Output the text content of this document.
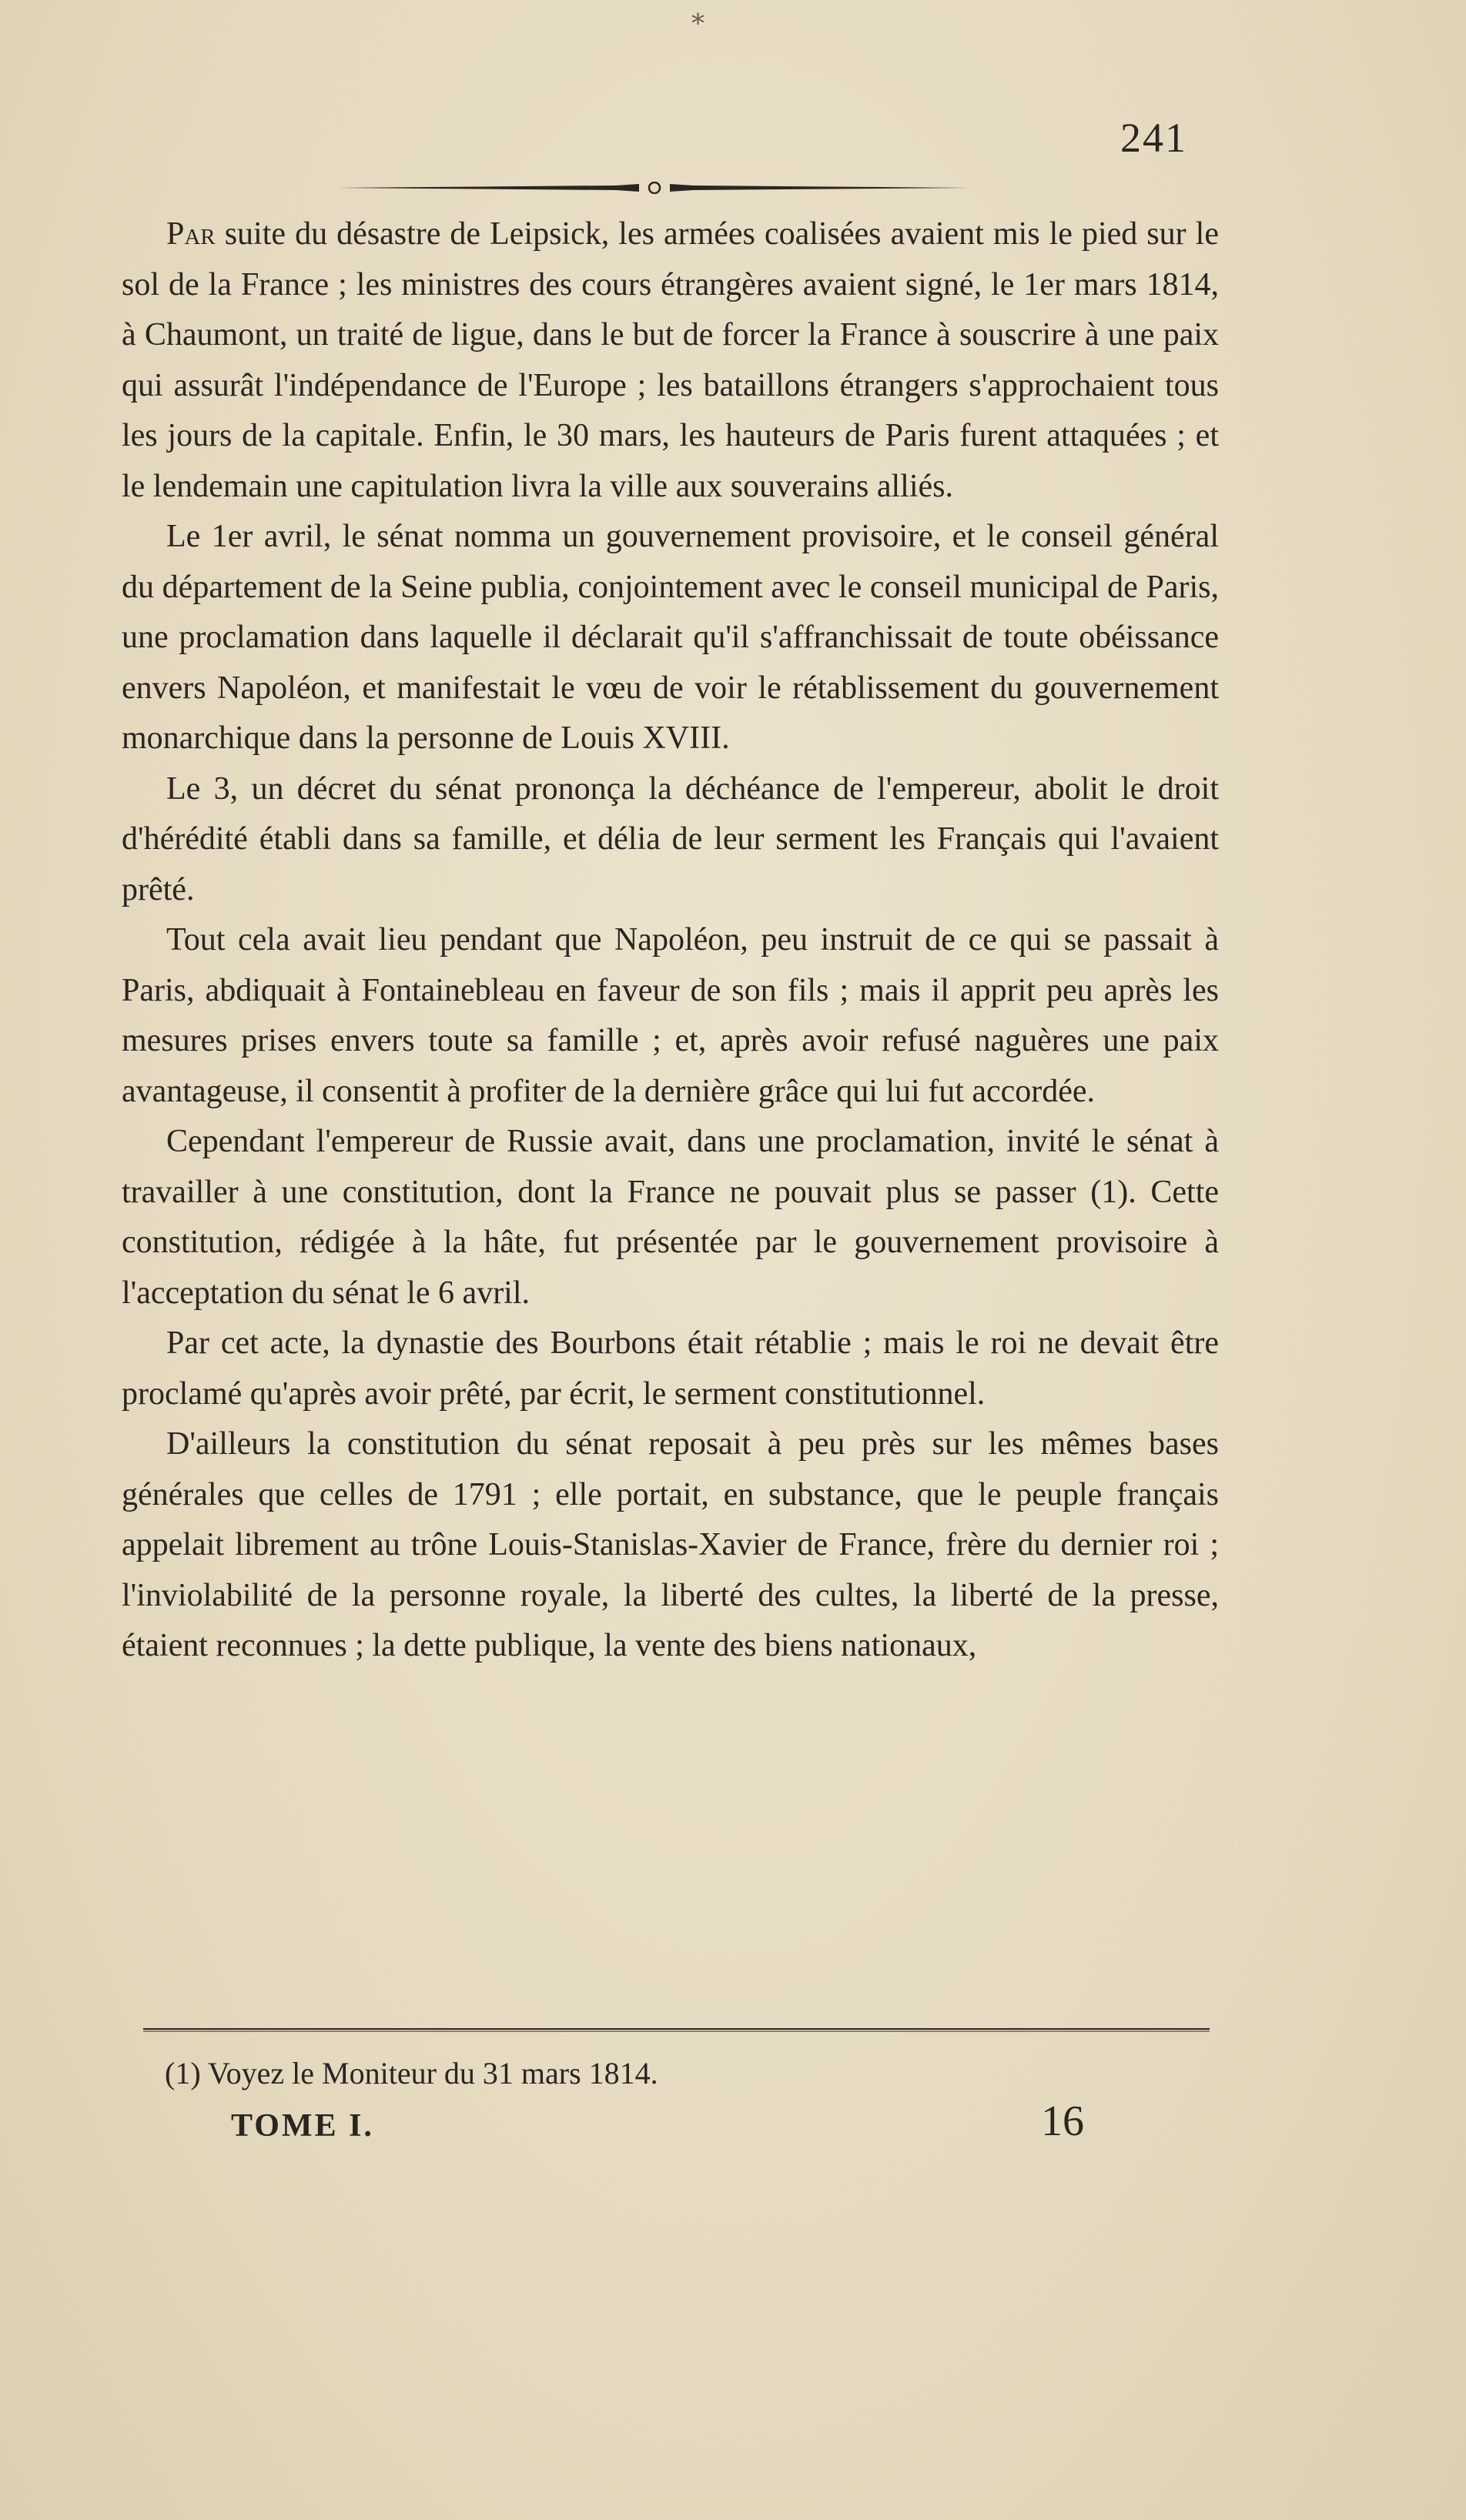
⁎
241

Par suite du désastre de Leipsick, les armées coalisées avaient mis le pied sur le sol de la France ; les ministres des cours étrangères avaient signé, le 1er mars 1814, à Chaumont, un traité de ligue, dans le but de forcer la France à souscrire à une paix qui assurât l'indépendance de l'Europe ; les bataillons étrangers s'approchaient tous les jours de la capitale. Enfin, le 30 mars, les hauteurs de Paris furent attaquées ; et le lendemain une capitulation livra la ville aux souverains alliés.

Le 1er avril, le sénat nomma un gouvernement provisoire, et le conseil général du département de la Seine publia, conjointement avec le conseil municipal de Paris, une proclamation dans laquelle il déclarait qu'il s'affranchissait de toute obéissance envers Napoléon, et manifestait le vœu de voir le rétablissement du gouvernement monarchique dans la personne de Louis XVIII.

Le 3, un décret du sénat prononça la déchéance de l'empereur, abolit le droit d'hérédité établi dans sa famille, et délia de leur serment les Français qui l'avaient prêté.

Tout cela avait lieu pendant que Napoléon, peu instruit de ce qui se passait à Paris, abdiquait à Fontainebleau en faveur de son fils ; mais il apprit peu après les mesures prises envers toute sa famille ; et, après avoir refusé naguères une paix avantageuse, il consentit à profiter de la dernière grâce qui lui fut accordée.

Cependant l'empereur de Russie avait, dans une proclamation, invité le sénat à travailler à une constitution, dont la France ne pouvait plus se passer (1). Cette constitution, rédigée à la hâte, fut présentée par le gouvernement provisoire à l'acceptation du sénat le 6 avril.

Par cet acte, la dynastie des Bourbons était rétablie ; mais le roi ne devait être proclamé qu'après avoir prêté, par écrit, le serment constitutionnel.

D'ailleurs la constitution du sénat reposait à peu près sur les mêmes bases générales que celles de 1791 ; elle portait, en substance, que le peuple français appelait librement au trône Louis-Stanislas-Xavier de France, frère du dernier roi ; l'inviolabilité de la personne royale, la liberté des cultes, la liberté de la presse, étaient reconnues ; la dette publique, la vente des biens nationaux,

(1) Voyez le Moniteur du 31 mars 1814.
TOME I.	16
